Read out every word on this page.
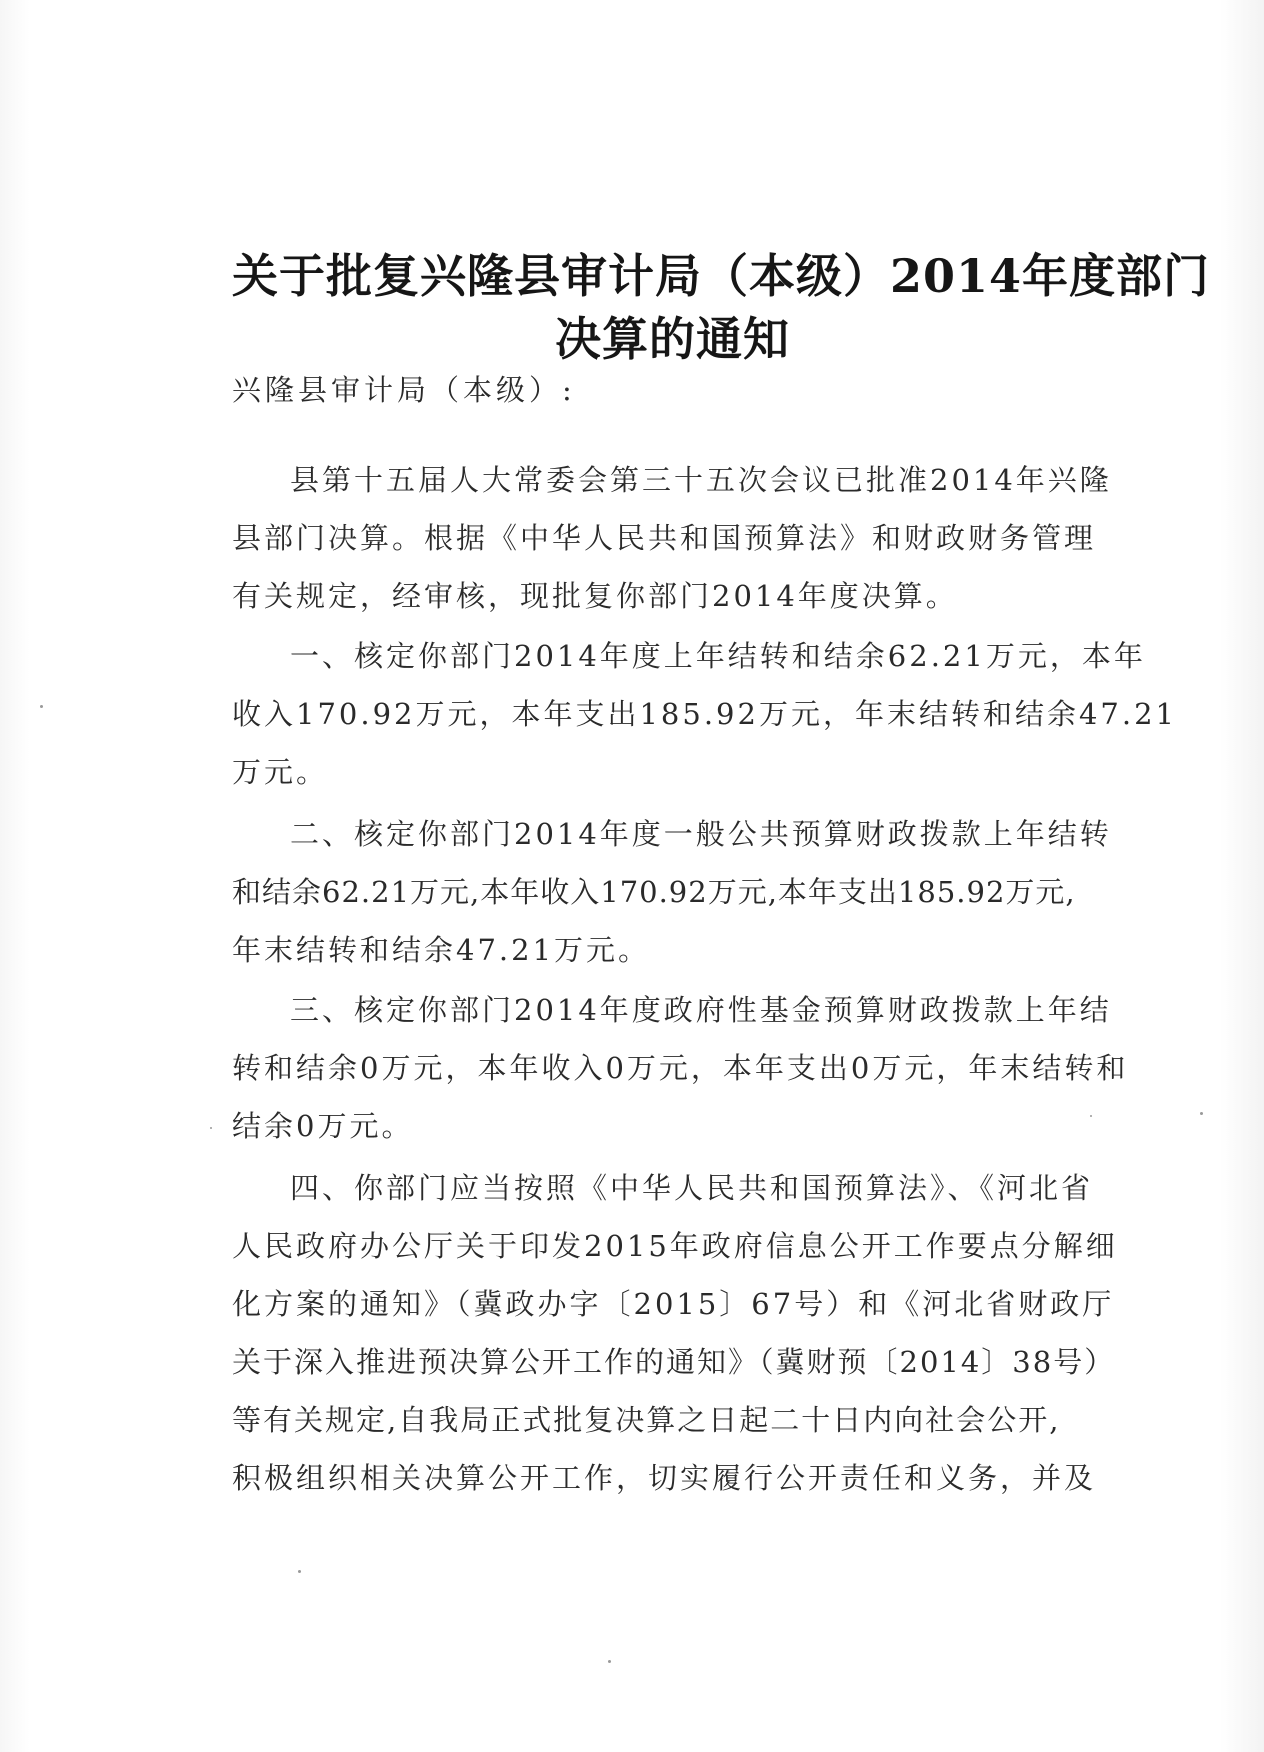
关于批复兴隆县审计局（本级）2014年度部门
决算的通知
兴隆县审计局（本级）:
县第十五届人大常委会第三十五次会议已批准2014年兴隆
县部门决算。根据《中华人民共和国预算法》和财政财务管理
有关规定，经审核，现批复你部门2014年度决算。
一、核定你部门2014年度上年结转和结余62.21万元，本年
收入170.92万元，本年支出185.92万元，年末结转和结余47.21
万元。
二、核定你部门2014年度一般公共预算财政拨款上年结转
和结余62.21万元,本年收入170.92万元,本年支出185.92万元,
年末结转和结余47.21万元。
三、核定你部门2014年度政府性基金预算财政拨款上年结
转和结余0万元，本年收入0万元，本年支出0万元，年末结转和
结余0万元。
四、你部门应当按照《中华人民共和国预算法》、《河北省
人民政府办公厅关于印发2015年政府信息公开工作要点分解细
化方案的通知》（冀政办字〔2015〕67号）和《河北省财政厅
关于深入推进预决算公开工作的通知》（冀财预〔2014〕38号）
等有关规定,自我局正式批复决算之日起二十日内向社会公开,
积极组织相关决算公开工作，切实履行公开责任和义务，并及
